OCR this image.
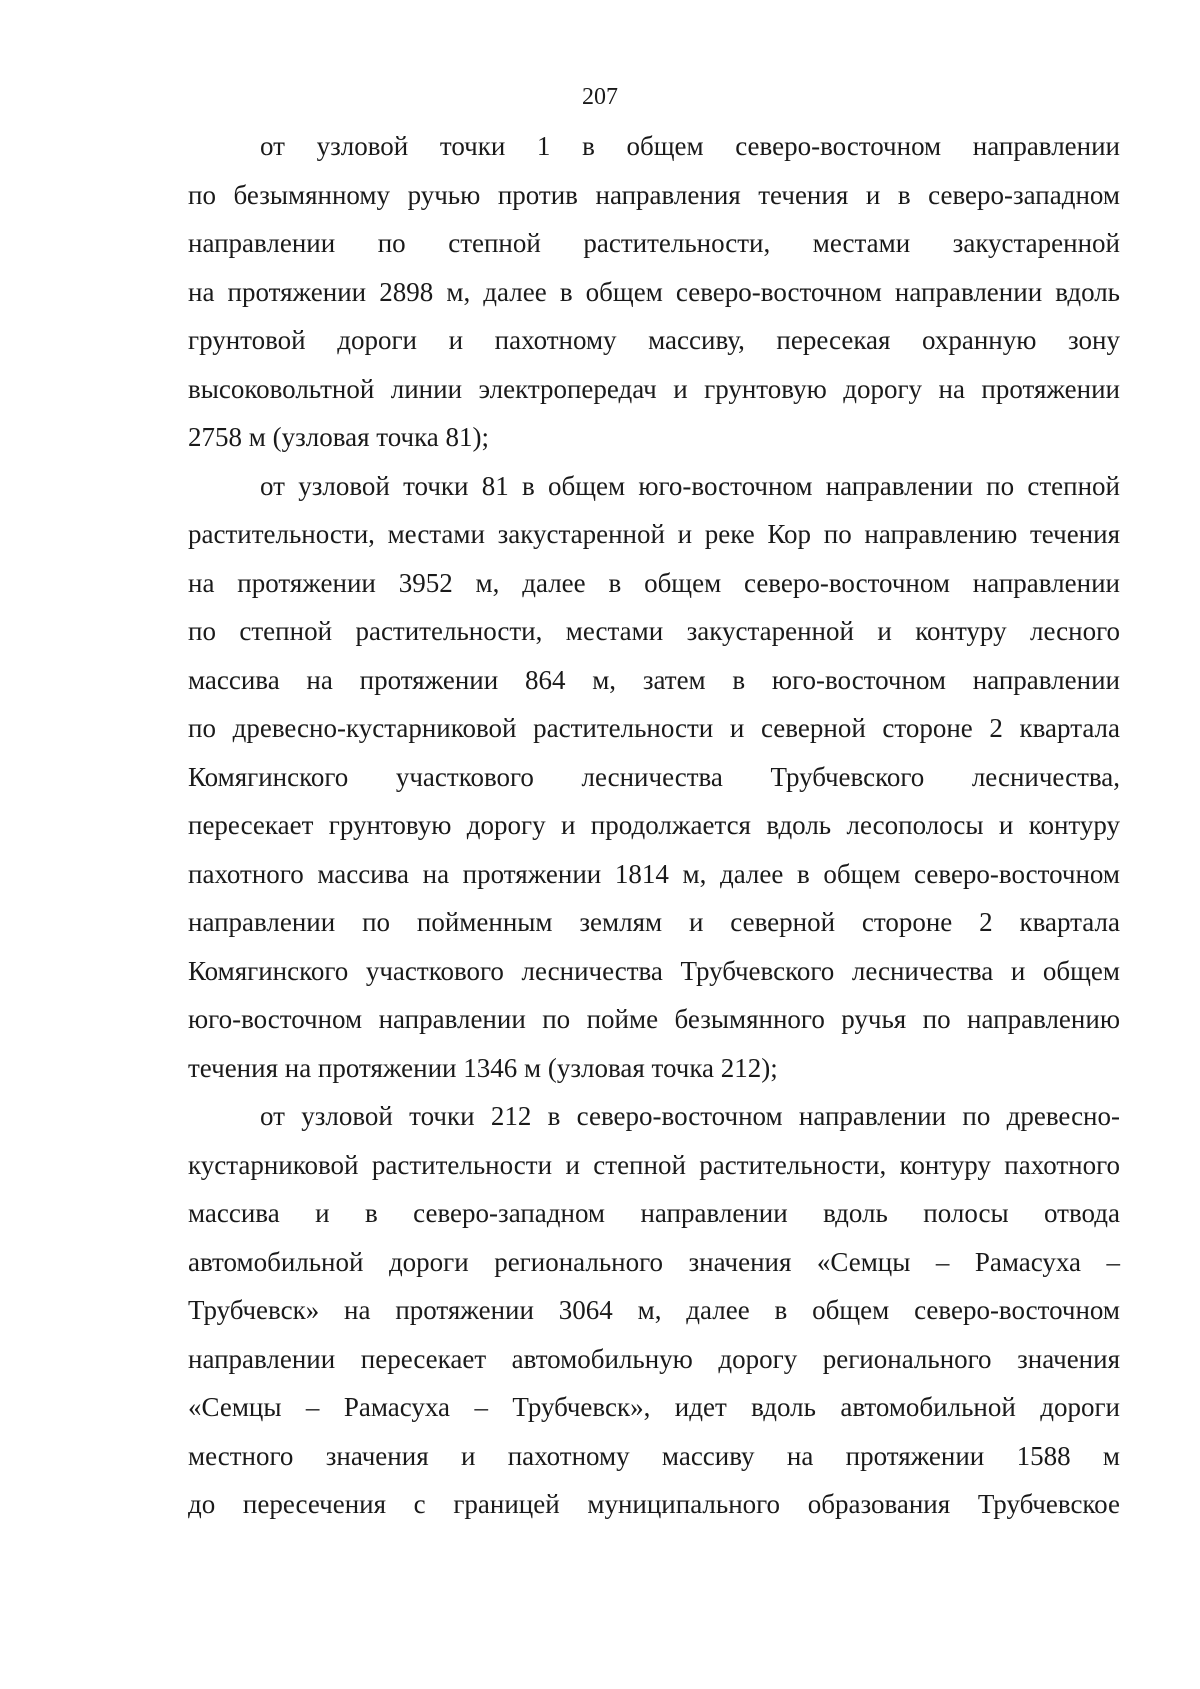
207
от узловой точки 1 в общем северо-восточном направлении
по безымянному ручью против направления течения и в северо-западном
направлении по степной растительности, местами закустаренной
на протяжении 2898 м, далее в общем северо-восточном направлении вдоль
грунтовой дороги и пахотному массиву, пересекая охранную зону
высоковольтной линии электропередач и грунтовую дорогу на протяжении
2758 м (узловая точка 81);
от узловой точки 81 в общем юго-восточном направлении по степной
растительности, местами закустаренной и реке Кор по направлению течения
на протяжении 3952 м, далее в общем северо-восточном направлении
по степной растительности, местами закустаренной и контуру лесного
массива на протяжении 864 м, затем в юго-восточном направлении
по древесно-кустарниковой растительности и северной стороне 2 квартала
Комягинского участкового лесничества Трубчевского лесничества,
пересекает грунтовую дорогу и продолжается вдоль лесополосы и контуру
пахотного массива на протяжении 1814 м, далее в общем северо-восточном
направлении по пойменным землям и северной стороне 2 квартала
Комягинского участкового лесничества Трубчевского лесничества и общем
юго-восточном направлении по пойме безымянного ручья по направлению
течения на протяжении 1346 м (узловая точка 212);
от узловой точки 212 в северо-восточном направлении по древесно-
кустарниковой растительности и степной растительности, контуру пахотного
массива и в северо-западном направлении вдоль полосы отвода
автомобильной дороги регионального значения «Семцы – Рамасуха –
Трубчевск» на протяжении 3064 м, далее в общем северо-восточном
направлении пересекает автомобильную дорогу регионального значения
«Семцы – Рамасуха – Трубчевск», идет вдоль автомобильной дороги
местного значения и пахотному массиву на протяжении 1588 м
до пересечения с границей муниципального образования Трубчевское
